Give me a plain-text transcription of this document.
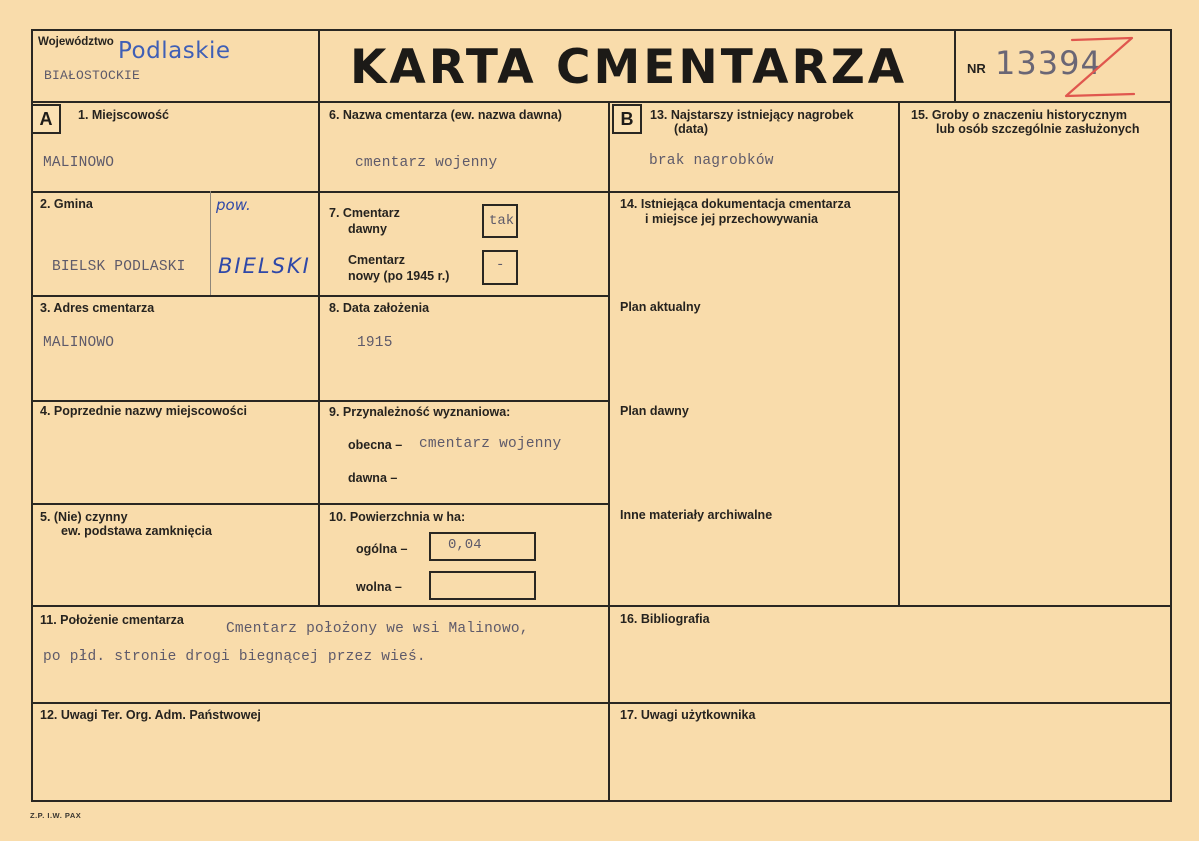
Województwo Podlaskie
BIAŁOSTOCKIE	KARTA CMENTARZA	NR 13394
A	1. Miejscowość
MALINOWO
2. Gmina	pow.
BIELSK PODLASKI BIELSKI
3. Adres cmentarza
MALINOWO
4. Poprzednie nazwy miejscowości
5. (Nie) czynny
ew. podstawa zamknięcia
6. Nazwa cmentarza (ew. nazwa dawna)
cmentarz wojenny
7. Cmentarz
dawny	tak
Cmentarz
nowy (po 1945 r.)
-
8. Data założenia
1915
9. Przynależność wyznaniowa:
obecna – cmentarz wojenny
dawna –
10. Powierzchnia w ha:
ogólna –	0,04
wolna –
B	13. Najstarszy istniejący nagrobek
(data)
brak nagrobków
14. Istniejąca dokumentacja cmentarza
i miejsce jej przechowywania
Plan aktualny
Plan dawny
Inne materiały archiwalne
15. Groby o znaczeniu historycznym
lub osób szczególnie zasłużonych
11. Położenie cmentarza
Cmentarz położony we wsi Malinowo,
po płd. stronie drogi biegnącej przez wieś.
16. Bibliografia
12. Uwagi Ter. Org. Adm. Państwowej	17. Uwagi użytkownika
Z.P. I.W. PAX
